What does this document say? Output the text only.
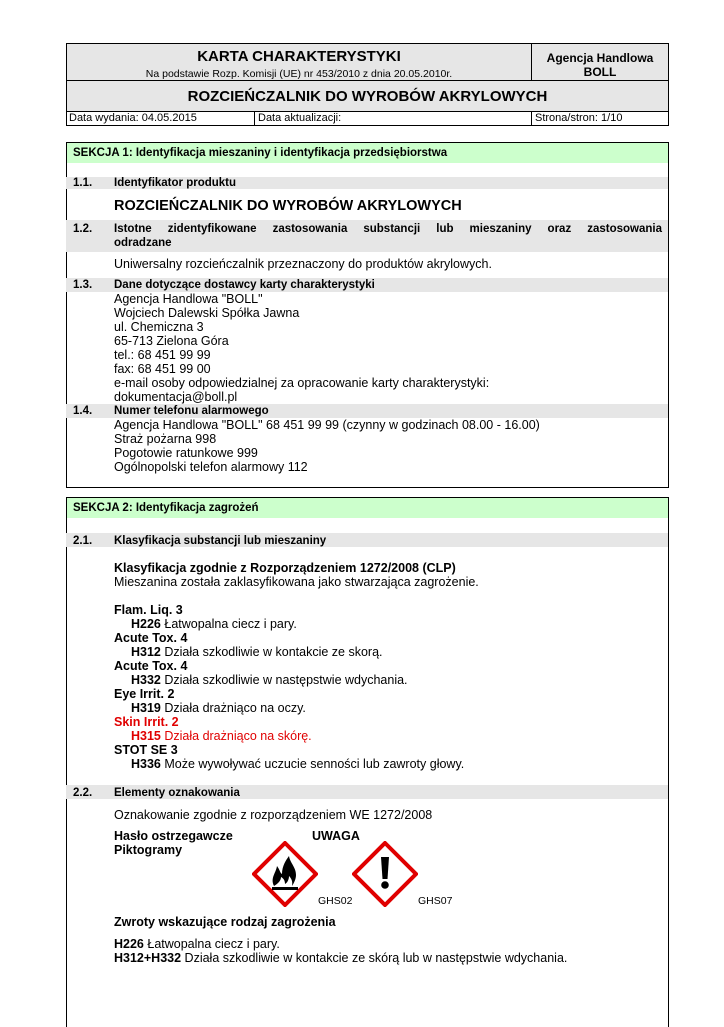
KARTA CHARAKTERYSTYKI
Na podstawie Rozp. Komisji (UE) nr 453/2010 z dnia 20.05.2010r.
Agencja Handlowa
BOLL
ROZCIEŃCZALNIK DO WYROBÓW AKRYLOWYCH
Data wydania: 04.05.2015	Data aktualizacji:	Strona/stron: 1/10
SEKCJA 1: Identyfikacja mieszaniny i identyfikacja przedsiębiorstwa
1.1. Identyfikator produktu
ROZCIEŃCZALNIK DO WYROBÓW AKRYLOWYCH
1.2. Istotne zidentyfikowane zastosowania substancji lub mieszaniny oraz zastosowania
odradzane
Uniwersalny rozcieńczalnik przeznaczony do produktów akrylowych.
1.3. Dane dotyczące dostawcy karty charakterystyki
Agencja Handlowa "BOLL"
Wojciech Dalewski Spółka Jawna
ul. Chemiczna 3
65-713 Zielona Góra
tel.: 68 451 99 99
fax: 68 451 99 00
e-mail osoby odpowiedzialnej za opracowanie karty charakterystyki:
dokumentacja@boll.pl
1.4. Numer telefonu alarmowego
Agencja Handlowa "BOLL" 68 451 99 99 (czynny w godzinach 08.00 - 16.00)
Straż pożarna 998
Pogotowie ratunkowe 999
Ogólnopolski telefon alarmowy 112
SEKCJA 2: Identyfikacja zagrożeń
2.1. Klasyfikacja substancji lub mieszaniny
Klasyfikacja zgodnie z Rozporządzeniem 1272/2008 (CLP)
Mieszanina została zaklasyfikowana jako stwarzająca zagrożenie.
Flam. Liq. 3
H226 Łatwopalna ciecz i pary.
Acute Tox. 4
H312 Działa szkodliwie w kontakcie ze skorą.
Acute Tox. 4
H332 Działa szkodliwie w następstwie wdychania.
Eye Irrit. 2
H319 Działa drażniąco na oczy.
Skin Irrit. 2
H315 Działa drażniąco na skórę.
STOT SE 3
H336 Może wywoływać uczucie senności lub zawroty głowy.
2.2. Elementy oznakowania
Oznakowanie zgodnie z rozporządzeniem WE 1272/2008
Hasło ostrzegawcze	UWAGA
Piktogramy
GHS02	GHS07
Zwroty wskazujące rodzaj zagrożenia
H226 Łatwopalna ciecz i pary.
H312+H332 Działa szkodliwie w kontakcie ze skórą lub w następstwie wdychania.
